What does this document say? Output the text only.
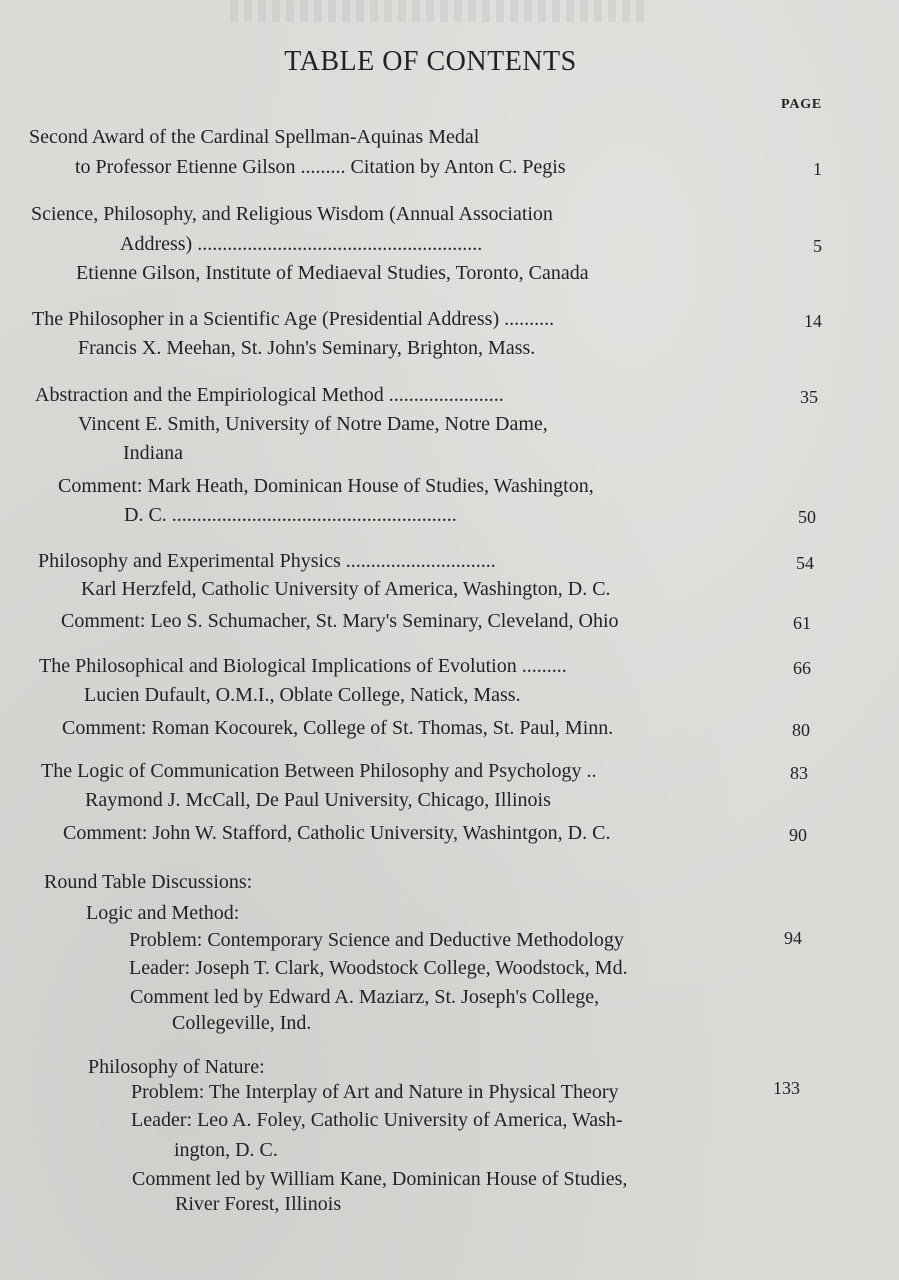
TABLE OF CONTENTS
PAGE
Second Award of the Cardinal Spellman-Aquinas Medal
to Professor Etienne Gilson ......... Citation by Anton C. Pegis	1
Science, Philosophy, and Religious Wisdom (Annual Association
Address) .........................................................	5
Etienne Gilson, Institute of Mediaeval Studies, Toronto, Canada
The Philosopher in a Scientific Age (Presidential Address) ..........	14
Francis X. Meehan, St. John's Seminary, Brighton, Mass.
Abstraction and the Empiriological Method .......................	35
Vincent E. Smith, University of Notre Dame, Notre Dame,
Indiana
Comment: Mark Heath, Dominican House of Studies, Washington,
D. C. .........................................................	50
Philosophy and Experimental Physics ..............................	54
Karl Herzfeld, Catholic University of America, Washington, D. C.
Comment: Leo S. Schumacher, St. Mary's Seminary, Cleveland, Ohio	61
The Philosophical and Biological Implications of Evolution .........	66
Lucien Dufault, O.M.I., Oblate College, Natick, Mass.
Comment: Roman Kocourek, College of St. Thomas, St. Paul, Minn.	80
The Logic of Communication Between Philosophy and Psychology ..	83
Raymond J. McCall, De Paul University, Chicago, Illinois
Comment: John W. Stafford, Catholic University, Washintgon, D. C.	90
Round Table Discussions:
Logic and Method:
Problem: Contemporary Science and Deductive Methodology	94
Leader: Joseph T. Clark, Woodstock College, Woodstock, Md.
Comment led by Edward A. Maziarz, St. Joseph's College,
Collegeville, Ind.
Philosophy of Nature:
Problem: The Interplay of Art and Nature in Physical Theory	133
Leader: Leo A. Foley, Catholic University of America, Wash-
ington, D. C.
Comment led by William Kane, Dominican House of Studies,
River Forest, Illinois
